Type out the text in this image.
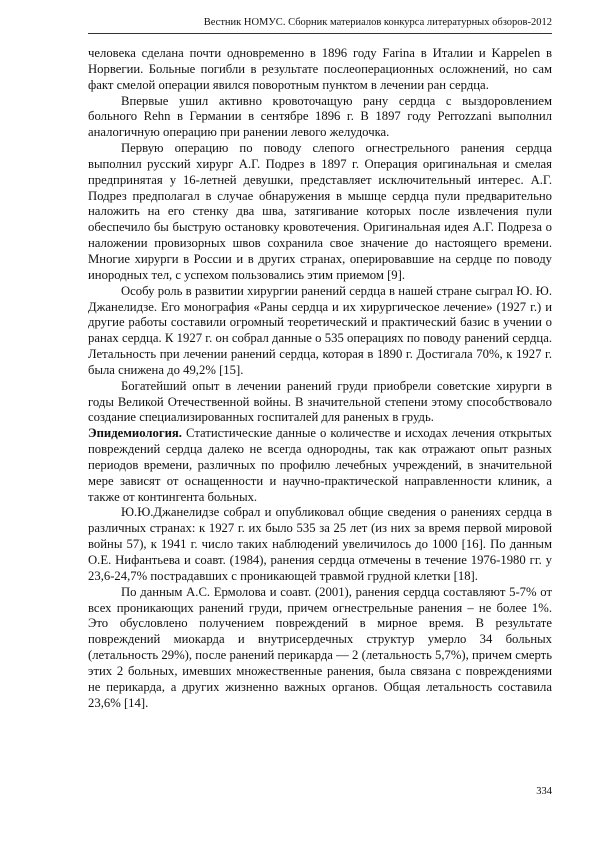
Вестник НОМУС. Сборник материалов конкурса литературных обзоров-2012

человека сделана почти одновременно в 1896 году Farina в Италии и Kappelen в Норвегии. Больные погибли в результате послеоперационных осложнений, но сам факт смелой операции явился поворотным пунктом в лечении ран сердца.

Впервые ушил активно кровоточащую рану сердца с выздоровлением больного Rehn в Германии в сентябре 1896 г. В 1897 году Perrozzani выполнил аналогичную операцию при ранении левого желудочка.

Первую операцию по поводу слепого огнестрельного ранения сердца выполнил русский хирург А.Г. Подрез в 1897 г. Операция оригинальная и смелая предпринятая у 16-летней девушки, представляет исключительный интерес. А.Г. Подрез предполагал в случае обнаружения в мышце сердца пули предварительно наложить на его стенку два шва, затягивание которых после извлечения пули обеспечило бы быструю остановку кровотечения. Оригинальная идея А.Г. Подреза о наложении провизорных швов сохранила свое значение до настоящего времени. Многие хирурги в России и в других странах, оперировавшие на сердце по поводу инородных тел, с успехом пользовались этим приемом [9].

Особу роль в развитии хирургии ранений сердца в нашей стране сыграл Ю. Ю. Джанелидзе. Его монография «Раны сердца и их хирургическое лечение» (1927 г.) и другие работы составили огромный теоретический и практический базис в учении о ранах сердца. К 1927 г. он собрал данные о 535 операциях по поводу ранений сердца. Летальность при лечении ранений сердца, которая в 1890 г. Достигала 70%, к 1927 г. была снижена до 49,2% [15].

Богатейший опыт в лечении ранений груди приобрели советские хирурги в годы Великой Отечественной войны. В значительной степени этому способствовало создание специализированных госпиталей для раненых в грудь.

Эпидемиология. Статистические данные о количестве и исходах лечения открытых повреждений сердца далеко не всегда однородны, так как отражают опыт разных периодов времени, различных по профилю лечебных учреждений, в значительной мере зависят от оснащенности и научно-практической направленности клиник, а также от контингента больных.

Ю.Ю.Джанелидзе собрал и опубликовал общие сведения о ранениях сердца в различных странах: к 1927 г. их было 535 за 25 лет (из них за время первой мировой войны 57), к 1941 г. число таких наблюдений увеличилось до 1000 [16]. По данным О.Е. Нифантьева и соавт. (1984), ранения сердца отмечены в течение 1976-1980 гг. у 23,6-24,7% пострадавших с проникающей травмой грудной клетки [18].

По данным А.С. Ермолова и соавт. (2001), ранения сердца составляют 5-7% от всех проникающих ранений груди, причем огнестрельные ранения – не более 1%. Это обусловлено получением повреждений в мирное время. В результате повреждений миокарда и внутрисердечных структур умерло 34 больных (летальность 29%), после ранений перикарда — 2 (летальность 5,7%), причем смерть этих 2 больных, имевших множественные ранения, была связана с повреждениями не перикарда, а других жизненно важных органов. Общая летальность составила 23,6% [14].

334
